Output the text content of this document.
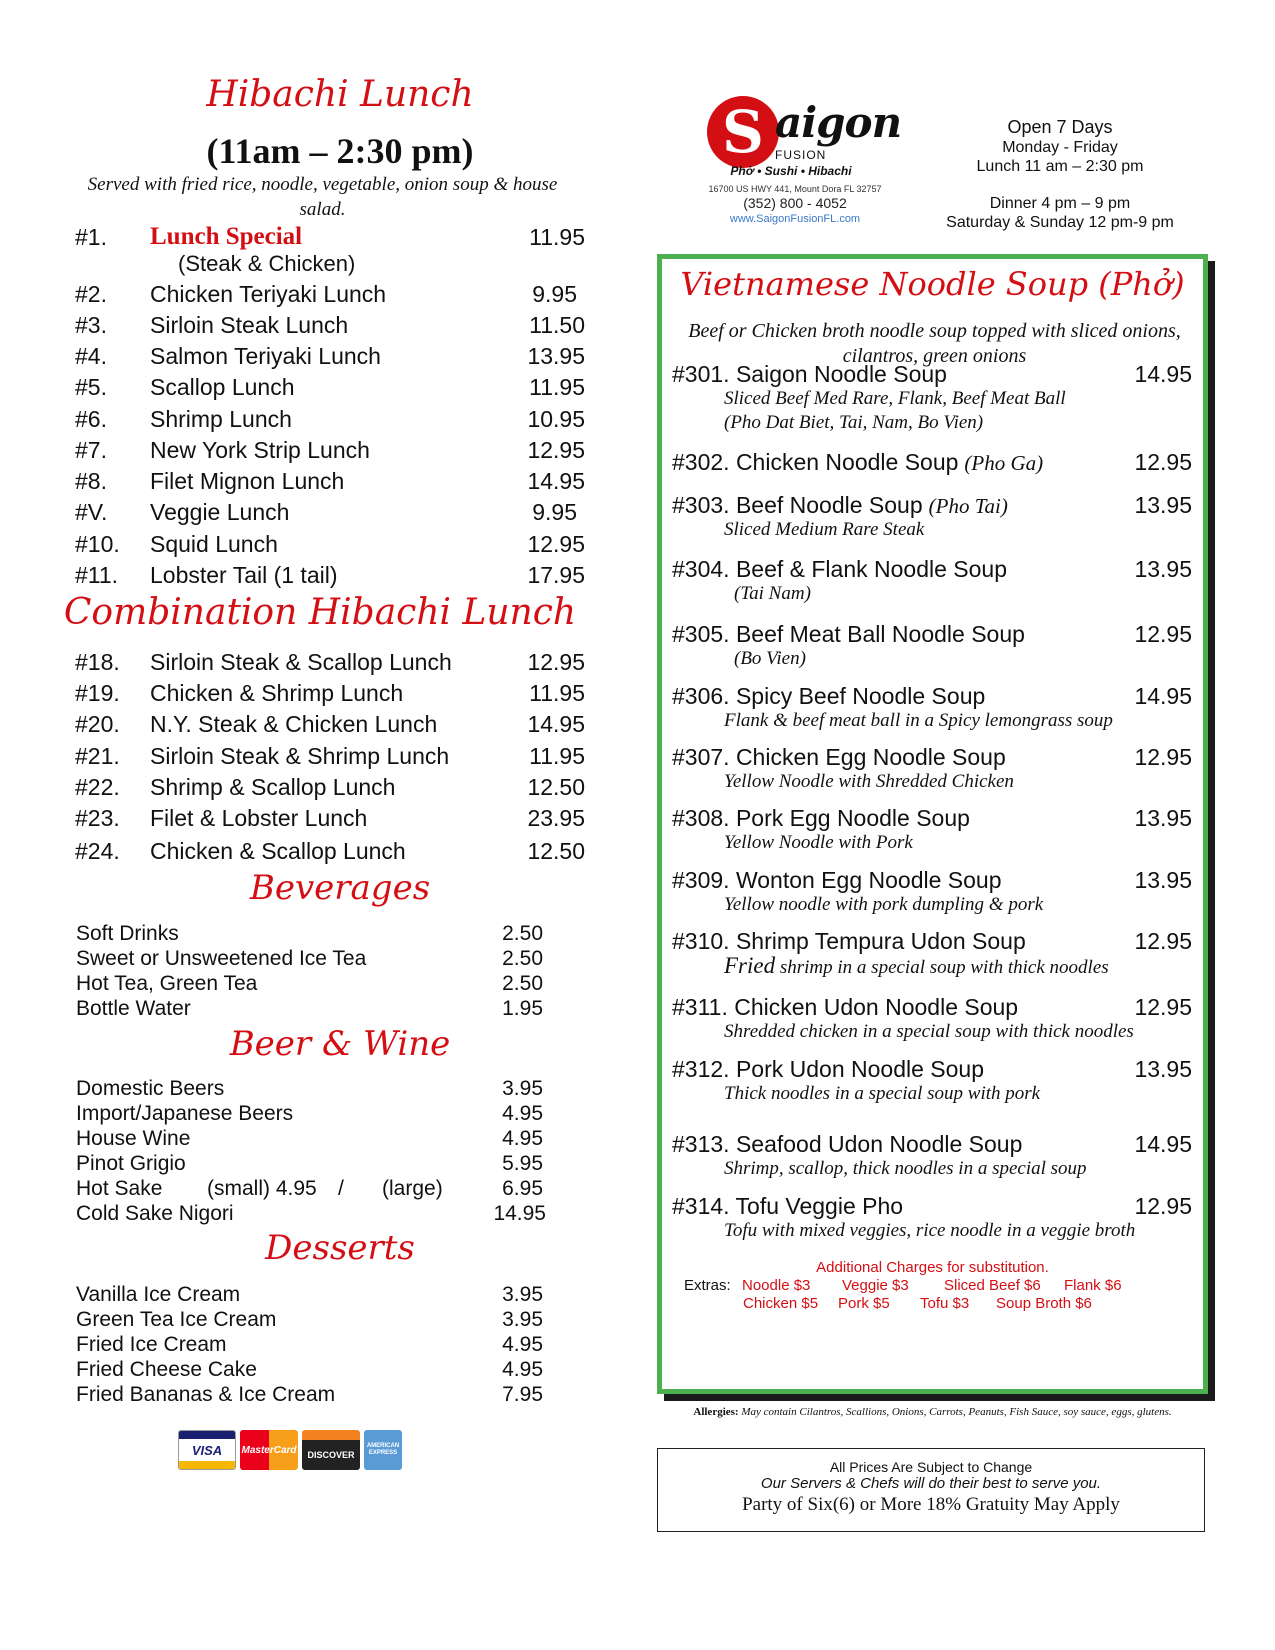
Hibachi Lunch
(11am – 2:30 pm)
Served with fried rice, noodle, vegetable, onion soup & house salad.
#1. Lunch Special	11.95
(Steak & Chicken)
#2. Chicken Teriyaki Lunch	9.95
#3. Sirloin Steak Lunch	11.50
#4. Salmon Teriyaki Lunch	13.95
#5. Scallop Lunch	11.95
#6. Shrimp Lunch	10.95
#7. New York Strip Lunch	12.95
#8. Filet Mignon Lunch	14.95
#V. Veggie Lunch	9.95
#10. Squid Lunch	12.95
#11. Lobster Tail (1 tail)	17.95
Combination Hibachi Lunch
#18. Sirloin Steak & Scallop Lunch	12.95
#19. Chicken & Shrimp Lunch	11.95
#20. N.Y. Steak & Chicken Lunch	14.95
#21. Sirloin Steak & Shrimp Lunch	11.95
#22. Shrimp & Scallop Lunch	12.50
#23. Filet & Lobster Lunch	23.95
#24. Chicken & Scallop Lunch	12.50
Beverages
Soft Drinks	2.50
Sweet or Unsweetened Ice Tea	2.50
Hot Tea, Green Tea	2.50
Bottle Water	1.95
Beer & Wine
Domestic Beers	3.95
Import/Japanese Beers	4.95
House Wine	4.95
Pinot Grigio	5.95
Hot Sake (small) 4.95 / (large)	6.95
Cold Sake Nigori	14.95
Desserts
Vanilla Ice Cream	3.95
Green Tea Ice Cream	3.95
Fried Ice Cream	4.95
Fried Cheese Cake	4.95
Fried Bananas & Ice Cream	7.95
VISA MasterCard	DISCOVER
AMERICAN EXPRESS
S aigon
FUSION
Phở • Sushi • Hibachi
16700 US HWY 441, Mount Dora FL 32757
(352) 800 - 4052
www.SaigonFusionFL.com
Open 7 Days
Monday - Friday
Lunch 11 am – 2:30 pm
Dinner 4 pm – 9 pm
Saturday & Sunday 12 pm-9 pm
Vietnamese Noodle Soup (Phở)
Beef or Chicken broth noodle soup topped with sliced onions, cilantros, green onions
#301. Saigon Noodle Soup	14.95
Sliced Beef Med Rare, Flank, Beef Meat Ball
(Pho Dat Biet, Tai, Nam, Bo Vien)
#302. Chicken Noodle Soup (Pho Ga)	12.95
#303. Beef Noodle Soup (Pho Tai)	13.95
Sliced Medium Rare Steak
#304. Beef & Flank Noodle Soup	13.95
(Tai Nam)
#305. Beef Meat Ball Noodle Soup	12.95
(Bo Vien)
#306. Spicy Beef Noodle Soup	14.95
Flank & beef meat ball in a Spicy lemongrass soup
#307. Chicken Egg Noodle Soup	12.95
Yellow Noodle with Shredded Chicken
#308. Pork Egg Noodle Soup	13.95
Yellow Noodle with Pork
#309. Wonton Egg Noodle Soup	13.95
Yellow noodle with pork dumpling & pork
#310. Shrimp Tempura Udon Soup	12.95
Fried shrimp in a special soup with thick noodles
#311. Chicken Udon Noodle Soup	12.95
Shredded chicken in a special soup with thick noodles
#312. Pork Udon Noodle Soup	13.95
Thick noodles in a special soup with pork
#313. Seafood Udon Noodle Soup	14.95
Shrimp, scallop, thick noodles in a special soup
#314. Tofu Veggie Pho	12.95
Tofu with mixed veggies, rice noodle in a veggie broth
Additional Charges for substitution.
Extras: Noodle $3 Veggie $3 Sliced Beef $6 Flank $6
Chicken $5 Pork $5 Tofu $3 Soup Broth $6
Allergies: May contain Cilantros, Scallions, Onions, Carrots, Peanuts, Fish Sauce, soy sauce, eggs, glutens.
All Prices Are Subject to Change
Our Servers & Chefs will do their best to serve you.
Party of Six(6) or More 18% Gratuity May Apply
